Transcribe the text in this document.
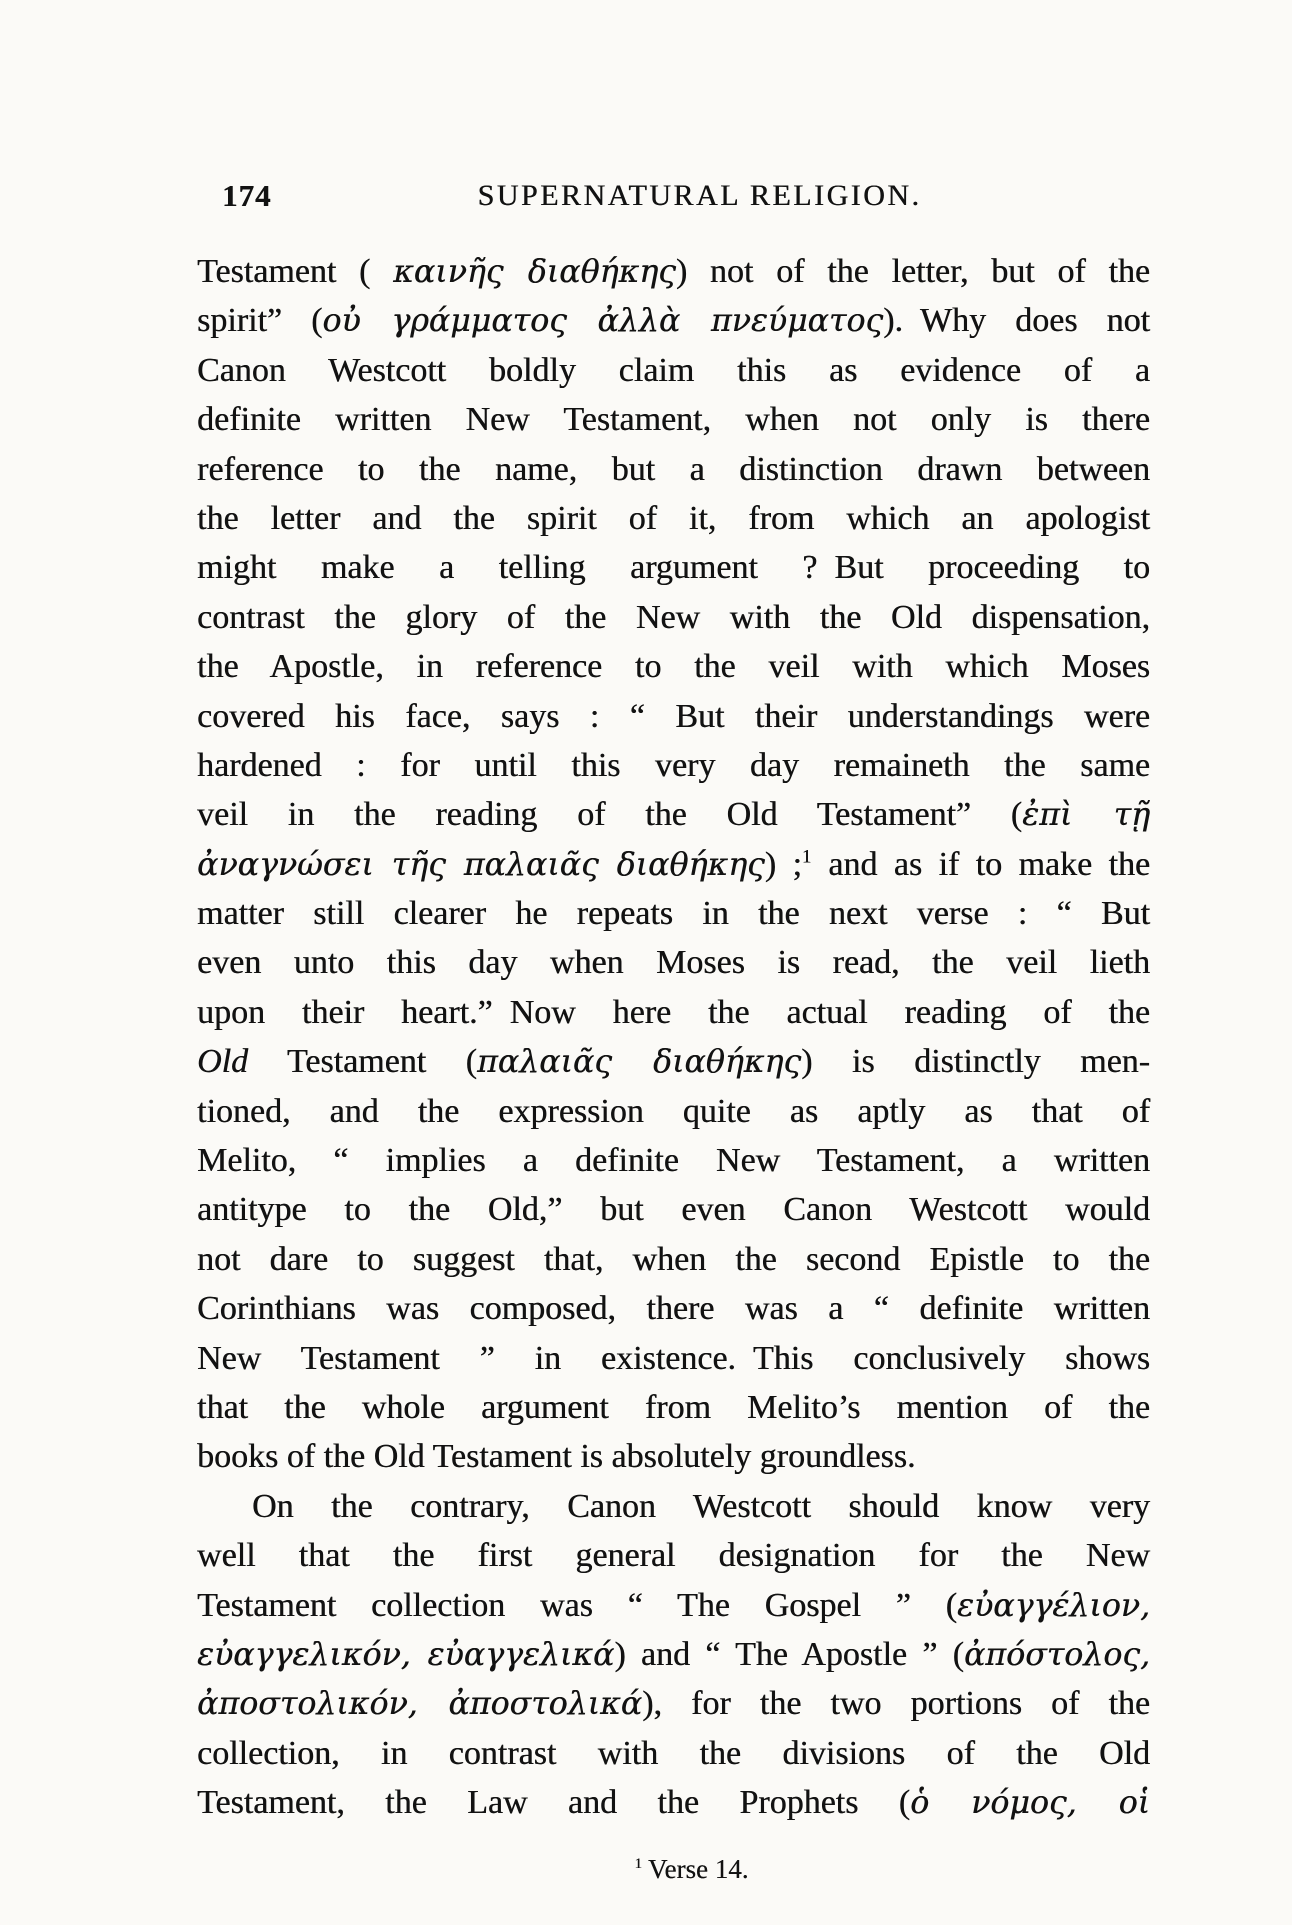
174	SUPERNATURAL RELIGION.
Testament ( καινῆς διαθήκης) not of the letter, but of the
spirit” (οὐ γράμματος ἀλλὰ πνεύματος). Why does not
Canon Westcott boldly claim this as evidence of a
definite written New Testament, when not only is there
reference to the name, but a distinction drawn between
the letter and the spirit of it, from which an apologist
might make a telling argument ? But proceeding to
contrast the glory of the New with the Old dispensation,
the Apostle, in reference to the veil with which Moses
covered his face, says : “ But their understandings were
hardened : for until this very day remaineth the same
veil in the reading of the Old Testament” (ἐπὶ τῇ
ἀναγνώσει τῆς παλαιᾶς διαθήκης) ;$^1$ and as if to make the
matter still clearer he repeats in the next verse : “ But
even unto this day when Moses is read, the veil lieth
upon their heart.” Now here the actual reading of the
Old Testament (παλαιᾶς διαθήκης) is distinctly men-
tioned, and the expression quite as aptly as that of
Melito, “ implies a definite New Testament, a written
antitype to the Old,” but even Canon Westcott would
not dare to suggest that, when the second Epistle to the
Corinthians was composed, there was a “ definite written
New Testament ” in existence. This conclusively shows
that the whole argument from Melito’s mention of the
books of the Old Testament is absolutely groundless.
On the contrary, Canon Westcott should know very
well that the first general designation for the New
Testament collection was “ The Gospel ” (εὐαγγέλιον,
εὐαγγελικόν, εὐαγγελικά) and “ The Apostle ” (ἀπόστολος,
ἀποστολικόν, ἀποστολικά), for the two portions of the
collection, in contrast with the divisions of the Old
Testament, the Law and the Prophets (ὁ νόμος, οἱ
$^1$ Verse 14.
